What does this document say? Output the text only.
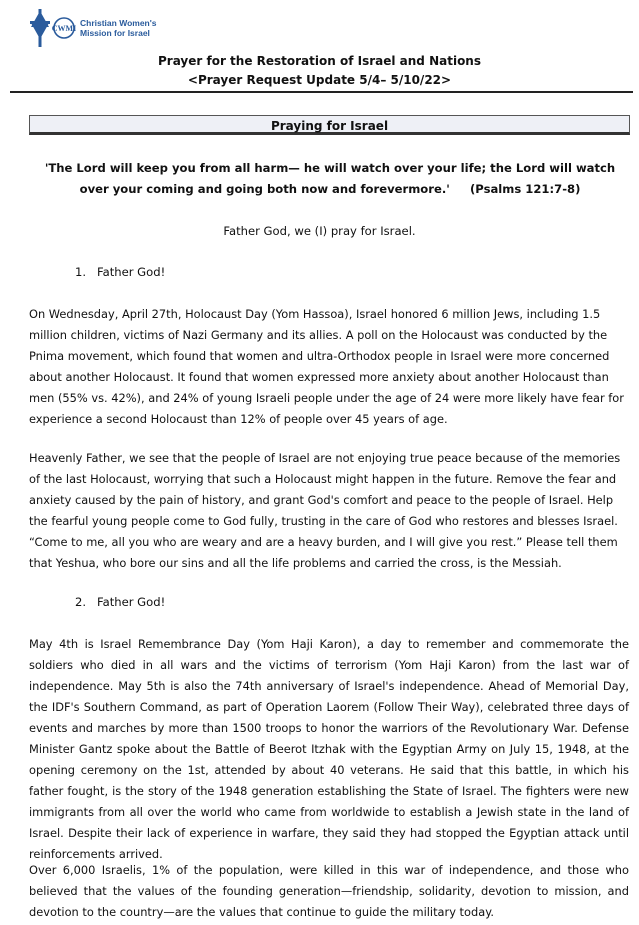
CWMI
Christian Women's
Mission for Israel
Prayer for the Restoration of Israel and Nations
<Prayer Request Update 5/4– 5/10/22>
Praying for Israel
'The Lord will keep you from all harm— he will watch over your life; the Lord will watch over your coming and going both now and forevermore.' (Psalms 121:7-8)
Father God, we (I) pray for Israel.
1. Father God!
On Wednesday, April 27th, Holocaust Day (Yom Hassoa), Israel honored 6 million Jews, including 1.5 million children, victims of Nazi Germany and its allies. A poll on the Holocaust was conducted by the Pnima movement, which found that women and ultra-Orthodox people in Israel were more concerned about another Holocaust. It found that women expressed more anxiety about another Holocaust than men (55% vs. 42%), and 24% of young Israeli people under the age of 24 were more likely have fear for experience a second Holocaust than 12% of people over 45 years of age.
Heavenly Father, we see that the people of Israel are not enjoying true peace because of the memories of the last Holocaust, worrying that such a Holocaust might happen in the future. Remove the fear and anxiety caused by the pain of history, and grant God's comfort and peace to the people of Israel. Help the fearful young people come to God fully, trusting in the care of God who restores and blesses Israel. “Come to me, all you who are weary and are a heavy burden, and I will give you rest.” Please tell them that Yeshua, who bore our sins and all the life problems and carried the cross, is the Messiah.
2. Father God!
May 4th is Israel Remembrance Day (Yom Haji Karon), a day to remember and commemorate the soldiers who died in all wars and the victims of terrorism (Yom Haji Karon) from the last war of independence. May 5th is also the 74th anniversary of Israel's independence. Ahead of Memorial Day, the IDF's Southern Command, as part of Operation Laorem (Follow Their Way), celebrated three days of events and marches by more than 1500 troops to honor the warriors of the Revolutionary War. Defense Minister Gantz spoke about the Battle of Beerot Itzhak with the Egyptian Army on July 15, 1948, at the opening ceremony on the 1st, attended by about 40 veterans. He said that this battle, in which his father fought, is the story of the 1948 generation establishing the State of Israel. The fighters were new immigrants from all over the world who came from worldwide to establish a Jewish state in the land of Israel. Despite their lack of experience in warfare, they said they had stopped the Egyptian attack until reinforcements arrived.
Over 6,000 Israelis, 1% of the population, were killed in this war of independence, and those who believed that the values of the founding generation—friendship, solidarity, devotion to mission, and devotion to the country—are the values that continue to guide the military today.
